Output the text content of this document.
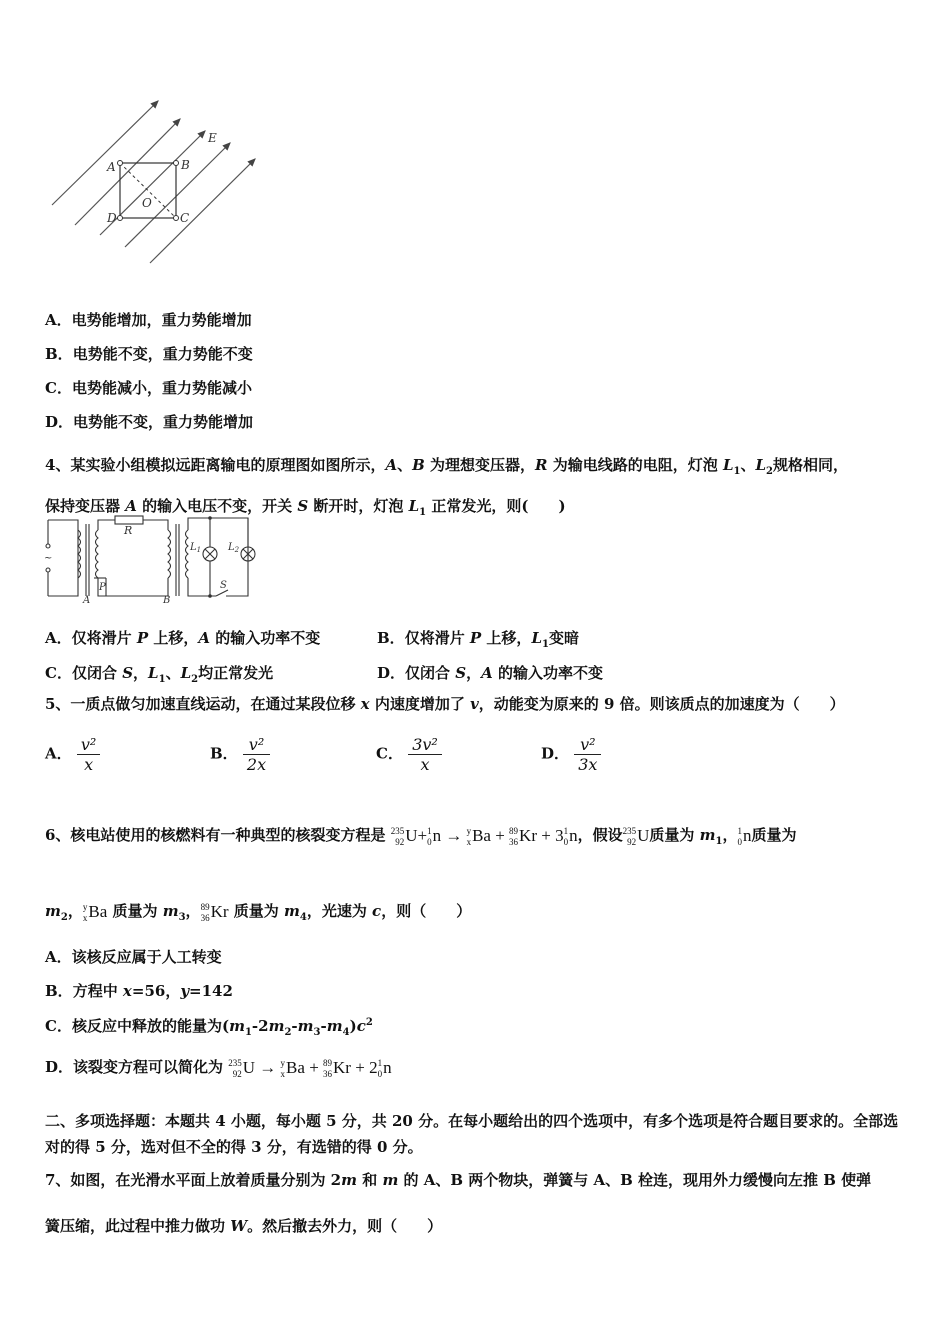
A	B
C
D
O
E
A．电势能增加，重力势能增加
B．电势能不变，重力势能不变
C．电势能减小，重力势能减小
D．电势能不变，重力势能增加
4、某实验小组模拟远距离输电的原理图如图所示，A、B 为理想变压器，R 为输电线路的电阻，灯泡 $L_1$、$L_2$规格相同，
保持变压器 A 的输入电压不变，开关 S 断开时，灯泡 $L_1$ 正常发光，则(　　)
R
$L_1$	$L_2$
P
A	B
S
~
A．仅将滑片 P 上移，A 的输入功率不变	B．仅将滑片 P 上移，$L_1$变暗
C．仅闭合 S，$L_1$、$L_2$均正常发光	D．仅闭合 S，A 的输入功率不变
5、一质点做匀加速直线运动，在通过某段位移 x 内速度增加了 v，动能变为原来的 9 倍。则该质点的加速度为（　　）
A． $\frac{\text{v²}}{x}$	B． $\frac{\text{v²}}{2x}$	C． $\frac{\text{3v²}}{x}$	D． $\frac{\text{v²}}{3x}$
6、核电站使用的核燃料有一种典型的核裂变方程是 235
92 U+ 1
0 n → y
x Ba + 89
36 Kr + 3 1
0 n，假设 235
92 U质量为 $m_1$， 1
0 n质量为
$m_2$， y
x Ba 质量为 $m_3$， 89
36 Kr 质量为 $m_4$，光速为 c，则（　　）
A．该核反应属于人工转变
B．方程中 x=56，y=142
C．核反应中释放的能量为$(m_1-2m_2-m_3-m_4)c^2$
D．该裂变方程可以简化为 235
92 U → y
x Ba + 89
36 Kr + 2 1
0 n
二、多项选择题：本题共 4 小题，每小题 5 分，共 20 分。在每小题给出的四个选项中，有多个选项是符合题目要求的。全部选对的得 5 分，选对但不全的得 3 分，有选错的得 0 分。
7、如图，在光滑水平面上放着质量分别为 2m 和 m 的 A、B 两个物块，弹簧与 A、B 栓连，现用外力缓慢向左推 B 使弹
簧压缩，此过程中推力做功 W。然后撤去外力，则（　　）
